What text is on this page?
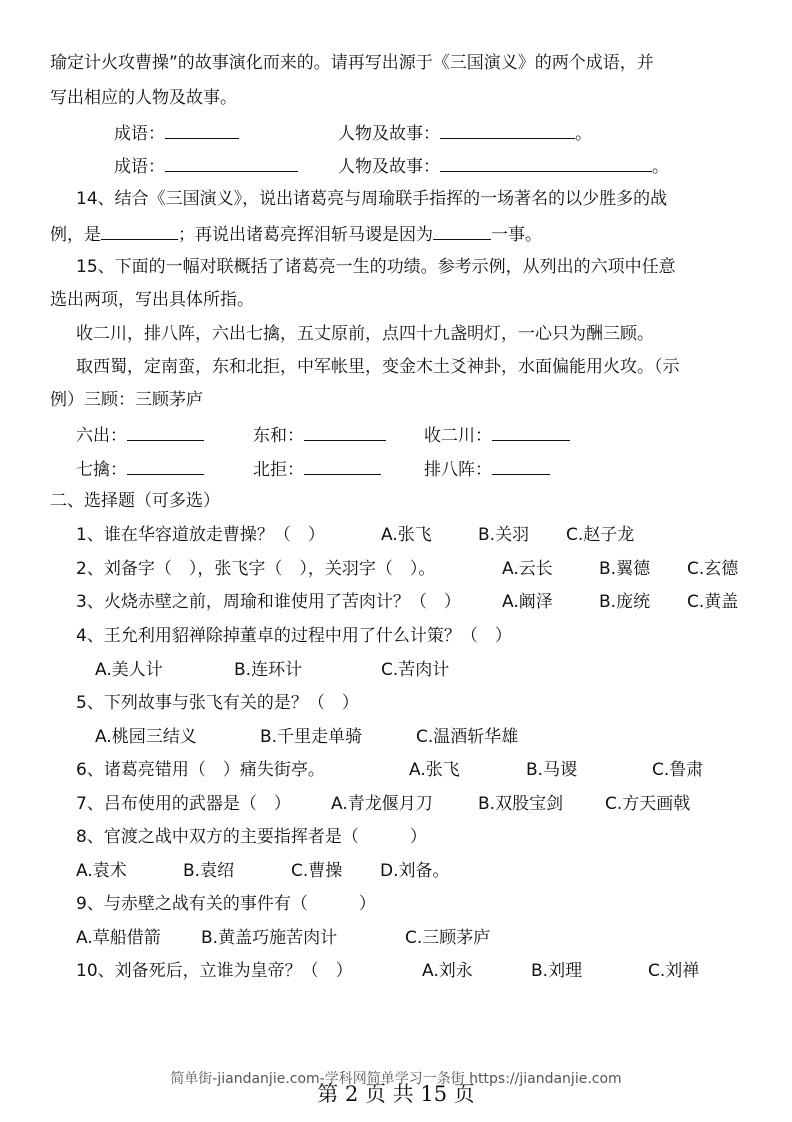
瑜定计火攻曹操”的故事演化而来的。请再写出源于《三国演义》的两个成语，并
写出相应的人物及故事。
成语：	人物及故事：	。
成语：	人物及故事：	。
14、结合《三国演义》，说出诸葛亮与周瑜联手指挥的一场著名的以少胜多的战
例，是	；再说出诸葛亮挥泪斩马谡是因为	一事。
15、下面的一幅对联概括了诸葛亮一生的功绩。参考示例，从列出的六项中任意
选出两项，写出具体所指。
收二川，排八阵，六出七擒，五丈原前，点四十九盏明灯，一心只为酬三顾。
取西蜀，定南蛮，东和北拒，中军帐里，变金木土爻神卦，水面偏能用火攻。（示
例）三顾：三顾茅庐
六出：	东和：	收二川：
七擒：	北拒：	排八阵：
二、选择题（可多选）
1、谁在华容道放走曹操？（　）	A.张飞	B.关羽 C.赵子龙
2、刘备字（　），张飞字（　），关羽字（　）。	A.云长	B.翼德 C.玄德
3、火烧赤壁之前，周瑜和谁使用了苦肉计？（　） A.阚泽	B.庞统 C.黄盖
4、王允利用貂禅除掉董卓的过程中用了什么计策？（　）
A.美人计	B.连环计	C.苦肉计
5、下列故事与张飞有关的是？（　）
A.桃园三结义	B.千里走单骑	C.温酒斩华雄
6、诸葛亮错用（　）痛失街亭。	A.张飞	B.马谡	C.鲁肃
7、吕布使用的武器是（　） A.青龙偃月刀	B.双股宝剑 C.方天画戟
8、官渡之战中双方的主要指挥者是（　　　）
A.袁术	B.袁绍	C.曹操 D.刘备。
9、与赤壁之战有关的事件有（　　　）
A.草船借箭 B.黄盖巧施苦肉计	C.三顾茅庐
10、刘备死后，立谁为皇帝？（　）	A.刘永	B.刘理	C.刘禅
简单街-jiandanjie.com-学科网简单学习一条街 https://jiandanjie.com
第 2 页 共 15 页
